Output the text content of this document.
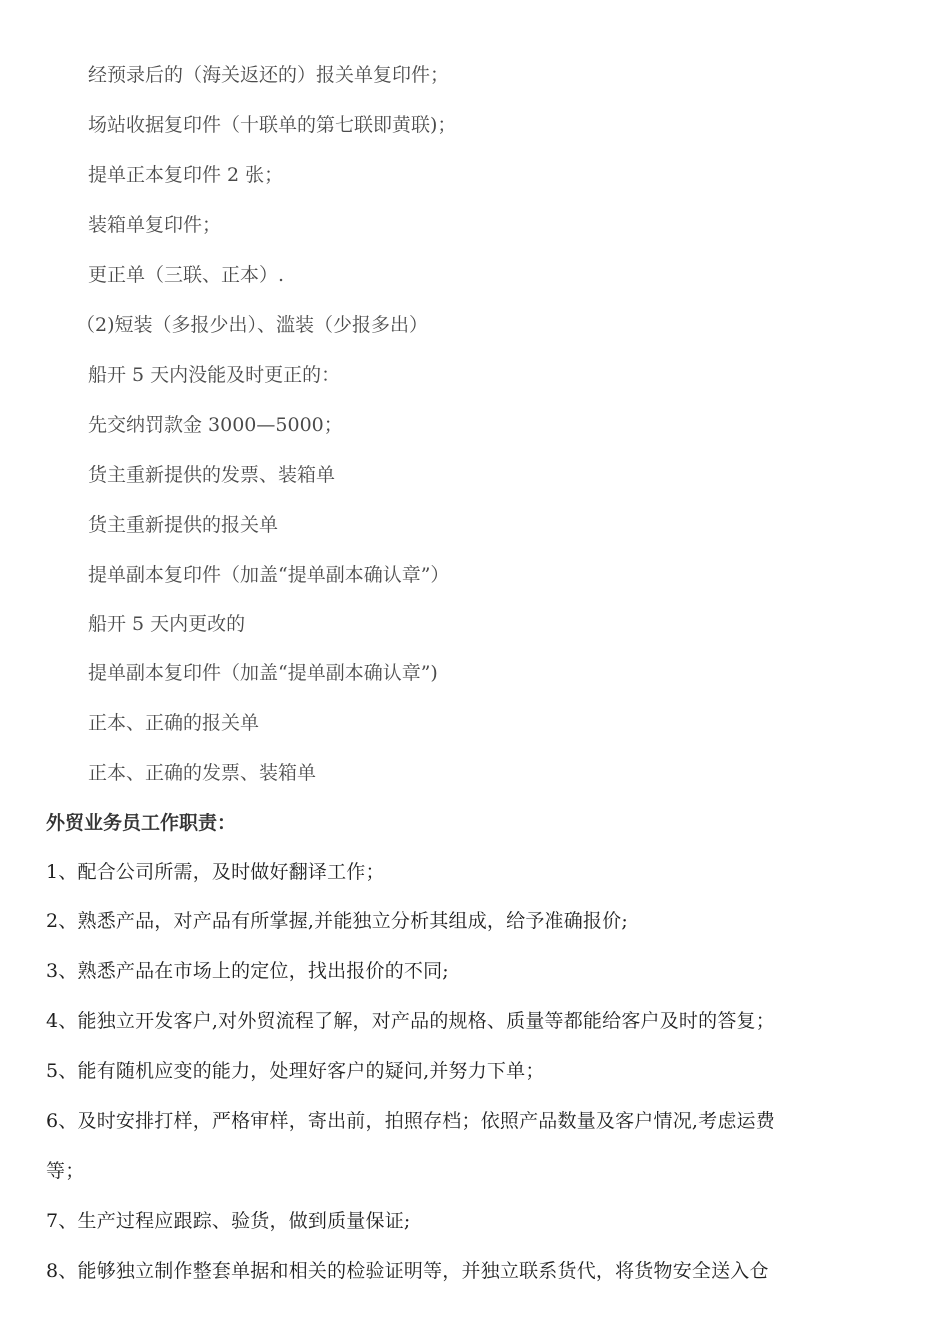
经预录后的（海关返还的）报关单复印件；
场站收据复印件（十联单的第七联即黄联)；
提单正本复印件 2 张；
装箱单复印件；
更正单（三联、正本）.
（2)短装（多报少出）、滥装（少报多出）
船开 5 天内没能及时更正的：
先交纳罚款金 3000—5000；
货主重新提供的发票、装箱单
货主重新提供的报关单
提单副本复印件（加盖“提单副本确认章”）
船开 5 天内更改的
提单副本复印件（加盖“提单副本确认章”)
正本、正确的报关单
正本、正确的发票、装箱单
外贸业务员工作职责：
1、配合公司所需，及时做好翻译工作；
2、熟悉产品，对产品有所掌握,并能独立分析其组成，给予准确报价;
3、熟悉产品在市场上的定位，找出报价的不同;
4、能独立开发客户,对外贸流程了解，对产品的规格、质量等都能给客户及时的答复；
5、能有随机应变的能力，处理好客户的疑问,并努力下单；
6、及时安排打样，严格审样，寄出前，拍照存档；依照产品数量及客户情况,考虑运费
等；
7、生产过程应跟踪、验货，做到质量保证;
8、能够独立制作整套单据和相关的检验证明等，并独立联系货代，将货物安全送入仓
